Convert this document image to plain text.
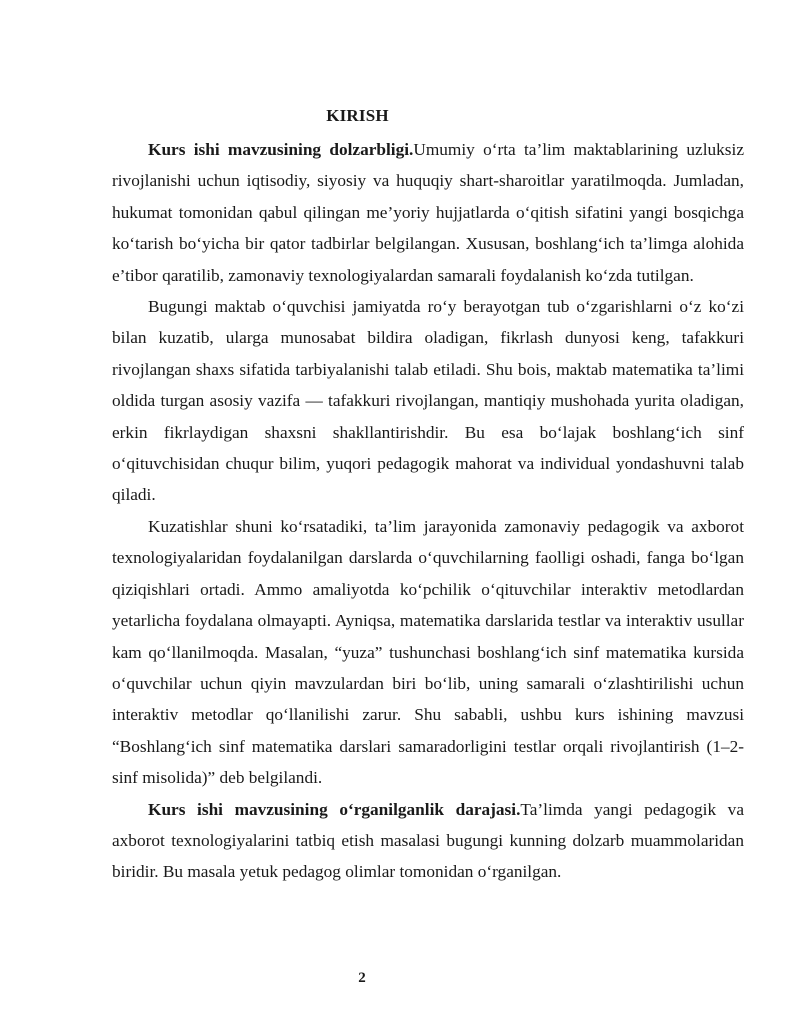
KIRISH

Kurs ishi mavzusining dolzarbligi.Umumiy o‘rta ta’lim maktablarining uzluksiz rivojlanishi uchun iqtisodiy, siyosiy va huquqiy shart-sharoitlar yaratilmoqda. Jumladan, hukumat tomonidan qabul qilingan me’yoriy hujjatlarda o‘qitish sifatini yangi bosqichga ko‘tarish bo‘yicha bir qator tadbirlar belgilangan. Xususan, boshlang‘ich ta’limga alohida e’tibor qaratilib, zamonaviy texnologiyalardan samarali foydalanish ko‘zda tutilgan.

Bugungi maktab o‘quvchisi jamiyatda ro‘y berayotgan tub o‘zgarishlarni o‘z ko‘zi bilan kuzatib, ularga munosabat bildira oladigan, fikrlash dunyosi keng, tafakkuri rivojlangan shaxs sifatida tarbiyalanishi talab etiladi. Shu bois, maktab matematika ta’limi oldida turgan asosiy vazifa — tafakkuri rivojlangan, mantiqiy mushohada yurita oladigan, erkin fikrlaydigan shaxsni shakllantirishdir. Bu esa bo‘lajak boshlang‘ich sinf o‘qituvchisidan chuqur bilim, yuqori pedagogik mahorat va individual yondashuvni talab qiladi.

Kuzatishlar shuni ko‘rsatadiki, ta’lim jarayonida zamonaviy pedagogik va axborot texnologiyalaridan foydalanilgan darslarda o‘quvchilarning faolligi oshadi, fanga bo‘lgan qiziqishlari ortadi. Ammo amaliyotda ko‘pchilik o‘qituvchilar interaktiv metodlardan yetarlicha foydalana olmayapti. Ayniqsa, matematika darslarida testlar va interaktiv usullar kam qo‘llanilmoqda. Masalan, “yuza” tushunchasi boshlang‘ich sinf matematika kursida o‘quvchilar uchun qiyin mavzulardan biri bo‘lib, uning samarali o‘zlashtirilishi uchun interaktiv metodlar qo‘llanilishi zarur. Shu sababli, ushbu kurs ishining mavzusi “Boshlang‘ich sinf matematika darslari samaradorligini testlar orqali rivojlantirish (1–2-sinf misolida)” deb belgilandi.

Kurs ishi mavzusining o‘rganilganlik darajasi.Ta’limda yangi pedagogik va axborot texnologiyalarini tatbiq etish masalasi bugungi kunning dolzarb muammolaridan biridir. Bu masala yetuk pedagog olimlar tomonidan o‘rganilgan.

2
